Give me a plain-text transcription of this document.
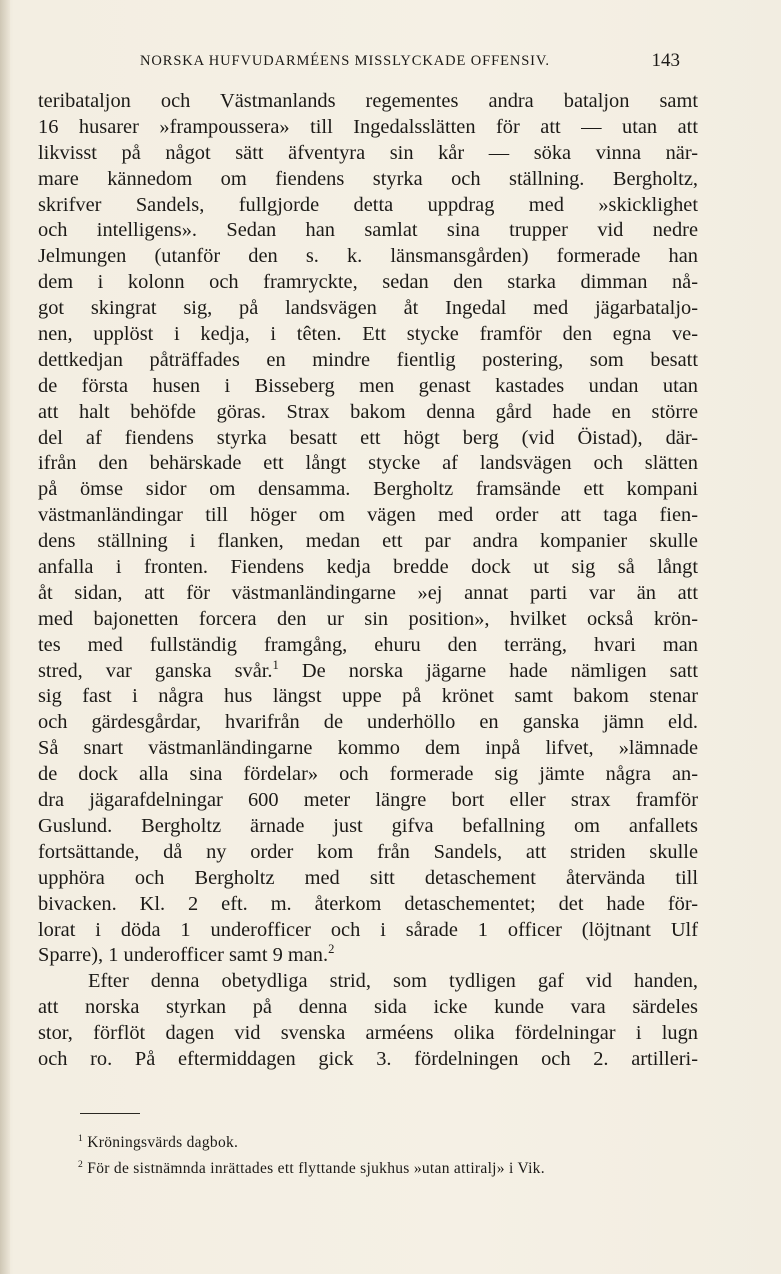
NORSKA HUFVUDARMÉENS MISSLYCKADE OFFENSIV.	143
teribataljon och Västmanlands regementes andra bataljon samt
16 husarer »frampoussera» till Ingedalsslätten för att — utan att
likvisst på något sätt äfventyra sin kår — söka vinna när-
mare kännedom om fiendens styrka och ställning. Bergholtz,
skrifver Sandels, fullgjorde detta uppdrag med »skicklighet
och intelligens». Sedan han samlat sina trupper vid nedre
Jelmungen (utanför den s. k. länsmansgården) formerade han
dem i kolonn och framryckte, sedan den starka dimman nå-
got skingrat sig, på landsvägen åt Ingedal med jägarbataljo-
nen, upplöst i kedja, i têten. Ett stycke framför den egna ve-
dettkedjan påträffades en mindre fientlig postering, som besatt
de första husen i Bisseberg men genast kastades undan utan
att halt behöfde göras. Strax bakom denna gård hade en större
del af fiendens styrka besatt ett högt berg (vid Öistad), där-
ifrån den behärskade ett långt stycke af landsvägen och slätten
på ömse sidor om densamma. Bergholtz framsände ett kompani
västmanländingar till höger om vägen med order att taga fien-
dens ställning i flanken, medan ett par andra kompanier skulle
anfalla i fronten. Fiendens kedja bredde dock ut sig så långt
åt sidan, att för västmanländingarne »ej annat parti var än att
med bajonetten forcera den ur sin position», hvilket också krön-
tes med fullständig framgång, ehuru den terräng, hvari man
stred, var ganska svår.$^1$ De norska jägarne hade nämligen satt
sig fast i några hus längst uppe på krönet samt bakom stenar
och gärdesgårdar, hvarifrån de underhöllo en ganska jämn eld.
Så snart västmanländingarne kommo dem inpå lifvet, »lämnade
de dock alla sina fördelar» och formerade sig jämte några an-
dra jägarafdelningar 600 meter längre bort eller strax framför
Guslund. Bergholtz ärnade just gifva befallning om anfallets
fortsättande, då ny order kom från Sandels, att striden skulle
upphöra och Bergholtz med sitt detaschement återvända till
bivacken. Kl. 2 eft. m. återkom detaschementet; det hade för-
lorat i döda 1 underofficer och i sårade 1 officer (löjtnant Ulf
Sparre), 1 underofficer samt 9 man.$^2$
Efter denna obetydliga strid, som tydligen gaf vid handen,
att norska styrkan på denna sida icke kunde vara särdeles
stor, förflöt dagen vid svenska arméens olika fördelningar i lugn
och ro. På eftermiddagen gick 3. fördelningen och 2. artilleri-
$^1$ Kröningsvärds dagbok.
$^2$ För de sistnämnda inrättades ett flyttande sjukhus »utan attiralj» i Vik.
